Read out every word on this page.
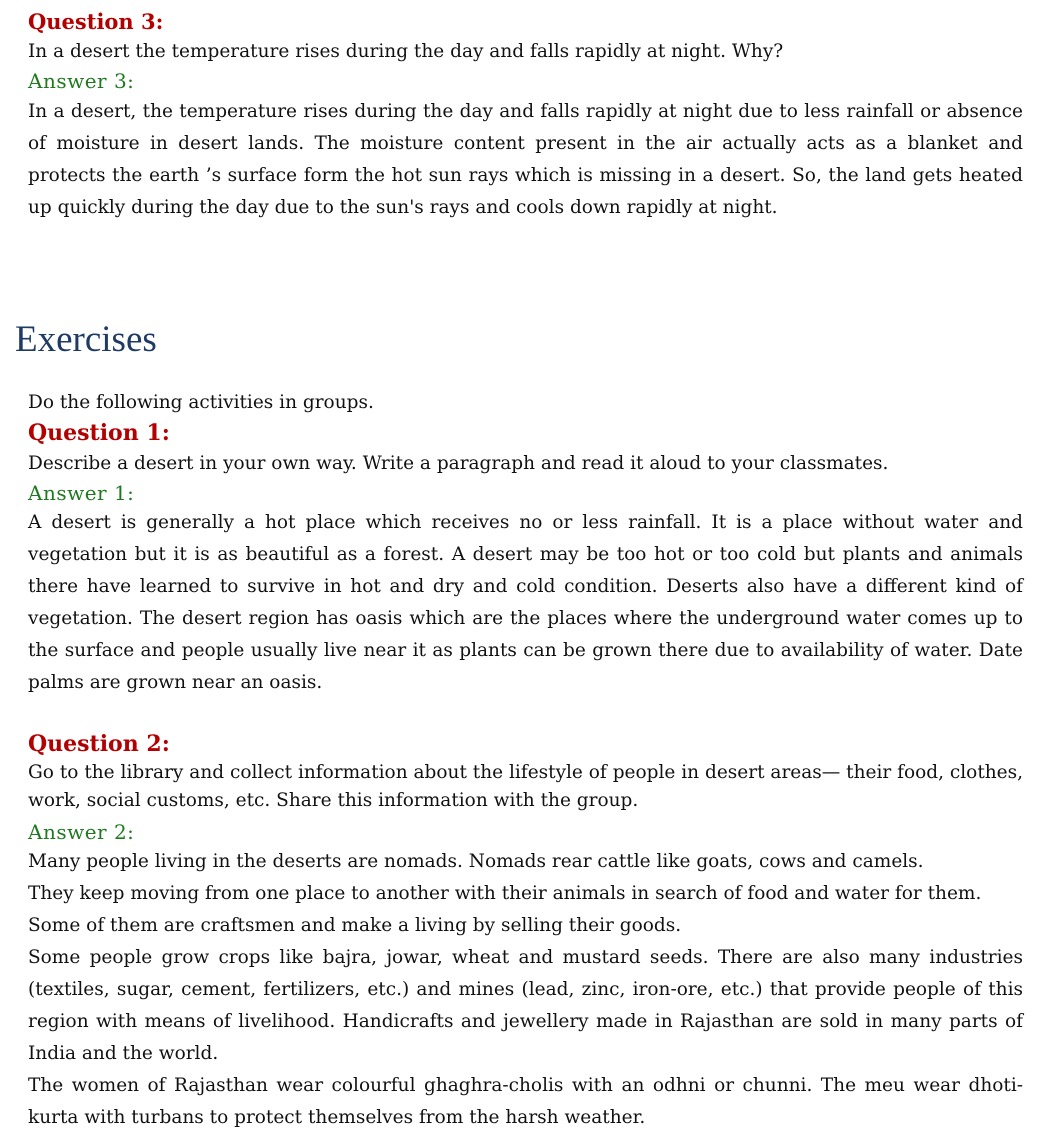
Question 3:
In a desert the temperature rises during the day and falls rapidly at night. Why?
Answer 3:
In a desert, the temperature rises during the day and falls rapidly at night due to less rainfall or absence of moisture in desert lands. The moisture content present in the air actually acts as a blanket and protects the earth ’s surface form the hot sun rays which is missing in a desert. So, the land gets heated up quickly during the day due to the sun's rays and cools down rapidly at night.
Exercises
Do the following activities in groups.
Question 1:
Describe a desert in your own way. Write a paragraph and read it aloud to your classmates.
Answer 1:
A desert is generally a hot place which receives no or less rainfall. It is a place without water and vegetation but it is as beautiful as a forest. A desert may be too hot or too cold but plants and animals there have learned to survive in hot and dry and cold condition. Deserts also have a different kind of vegetation. The desert region has oasis which are the places where the underground water comes up to the surface and people usually live near it as plants can be grown there due to availability of water. Date palms are grown near an oasis.
Question 2:
Go to the library and collect information about the lifestyle of people in desert areas— their food, clothes, work, social customs, etc. Share this information with the group.
Answer 2:
Many people living in the deserts are nomads. Nomads rear cattle like goats, cows and camels.
They keep moving from one place to another with their animals in search of food and water for them.
Some of them are craftsmen and make a living by selling their goods.
Some people grow crops like bajra, jowar, wheat and mustard seeds. There are also many industries (textiles, sugar, cement, fertilizers, etc.) and mines (lead, zinc, iron-ore, etc.) that provide people of this region with means of livelihood. Handicrafts and jewellery made in Rajasthan are sold in many parts of India and the world.
The women of Rajasthan wear colourful ghaghra-cholis with an odhni or chunni. The meu wear dhoti-kurta with turbans to protect themselves from the harsh weather.
